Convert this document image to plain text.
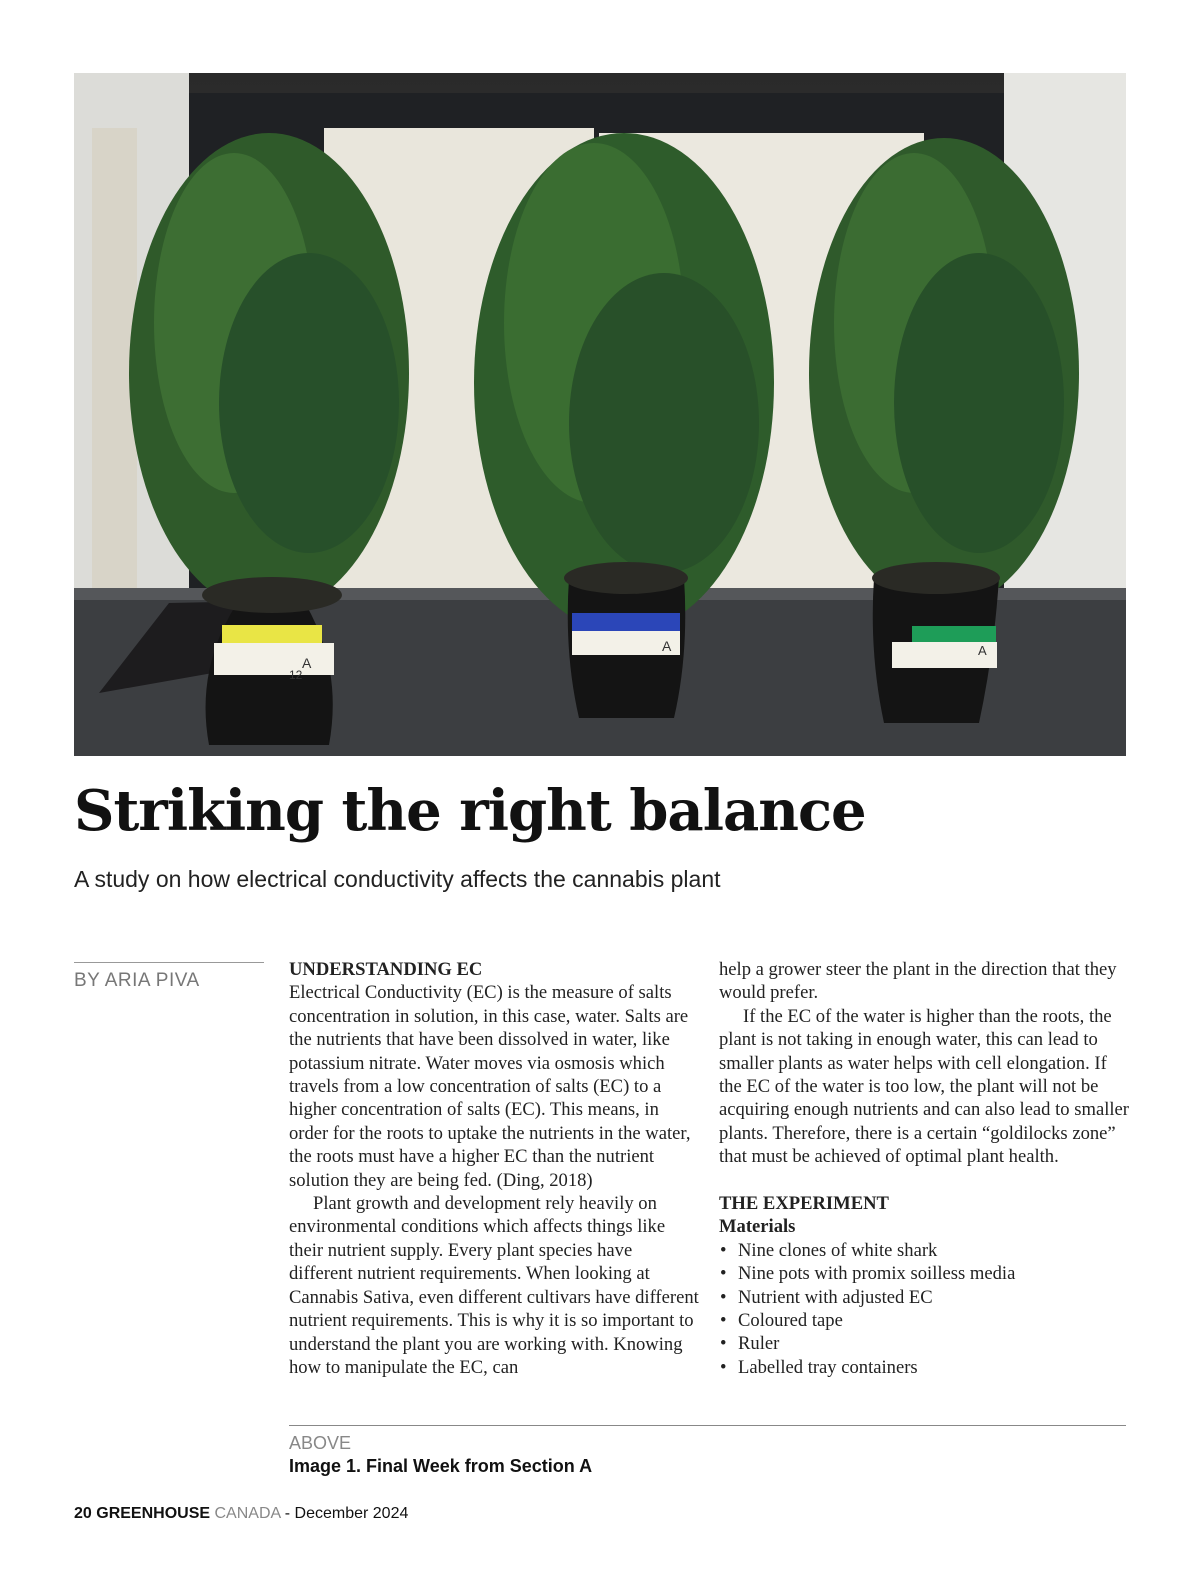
A
12
A	A
Striking the right balance

A study on how electrical conductivity affects the cannabis plant

BY ARIA PIVA

UNDERSTANDING EC

Electrical Conductivity (EC) is the measure of salts concentration in solution, in this case, water. Salts are the nutrients that have been dissolved in water, like potassium nitrate. Water moves via osmosis which travels from a low concentration of salts (EC) to a higher concentration of salts (EC). This means, in order for the roots to uptake the nutrients in the water, the roots must have a higher EC than the nutrient solution they are being fed. (Ding, 2018)

Plant growth and development rely heavily on environmental conditions which affects things like their nutrient supply. Every plant species have different nutrient requirements. When looking at Cannabis Sativa, even different cultivars have different nutrient requirements. This is why it is so important to understand the plant you are working with. Knowing how to manipulate the EC, can

help a grower steer the plant in the direction that they would prefer.

If the EC of the water is higher than the roots, the plant is not taking in enough water, this can lead to smaller plants as water helps with cell elongation. If the EC of the water is too low, the plant will not be acquiring enough nutrients and can also lead to smaller plants. Therefore, there is a certain “goldilocks zone” that must be achieved of optimal plant health.

THE EXPERIMENT

Materials

• Nine clones of white shark
• Nine pots with promix soilless media
• Nutrient with adjusted EC
• Coloured tape
• Ruler
• Labelled tray containers
ABOVE
Image 1. Final Week from Section A
20 GREENHOUSE CANADA - December 2024
